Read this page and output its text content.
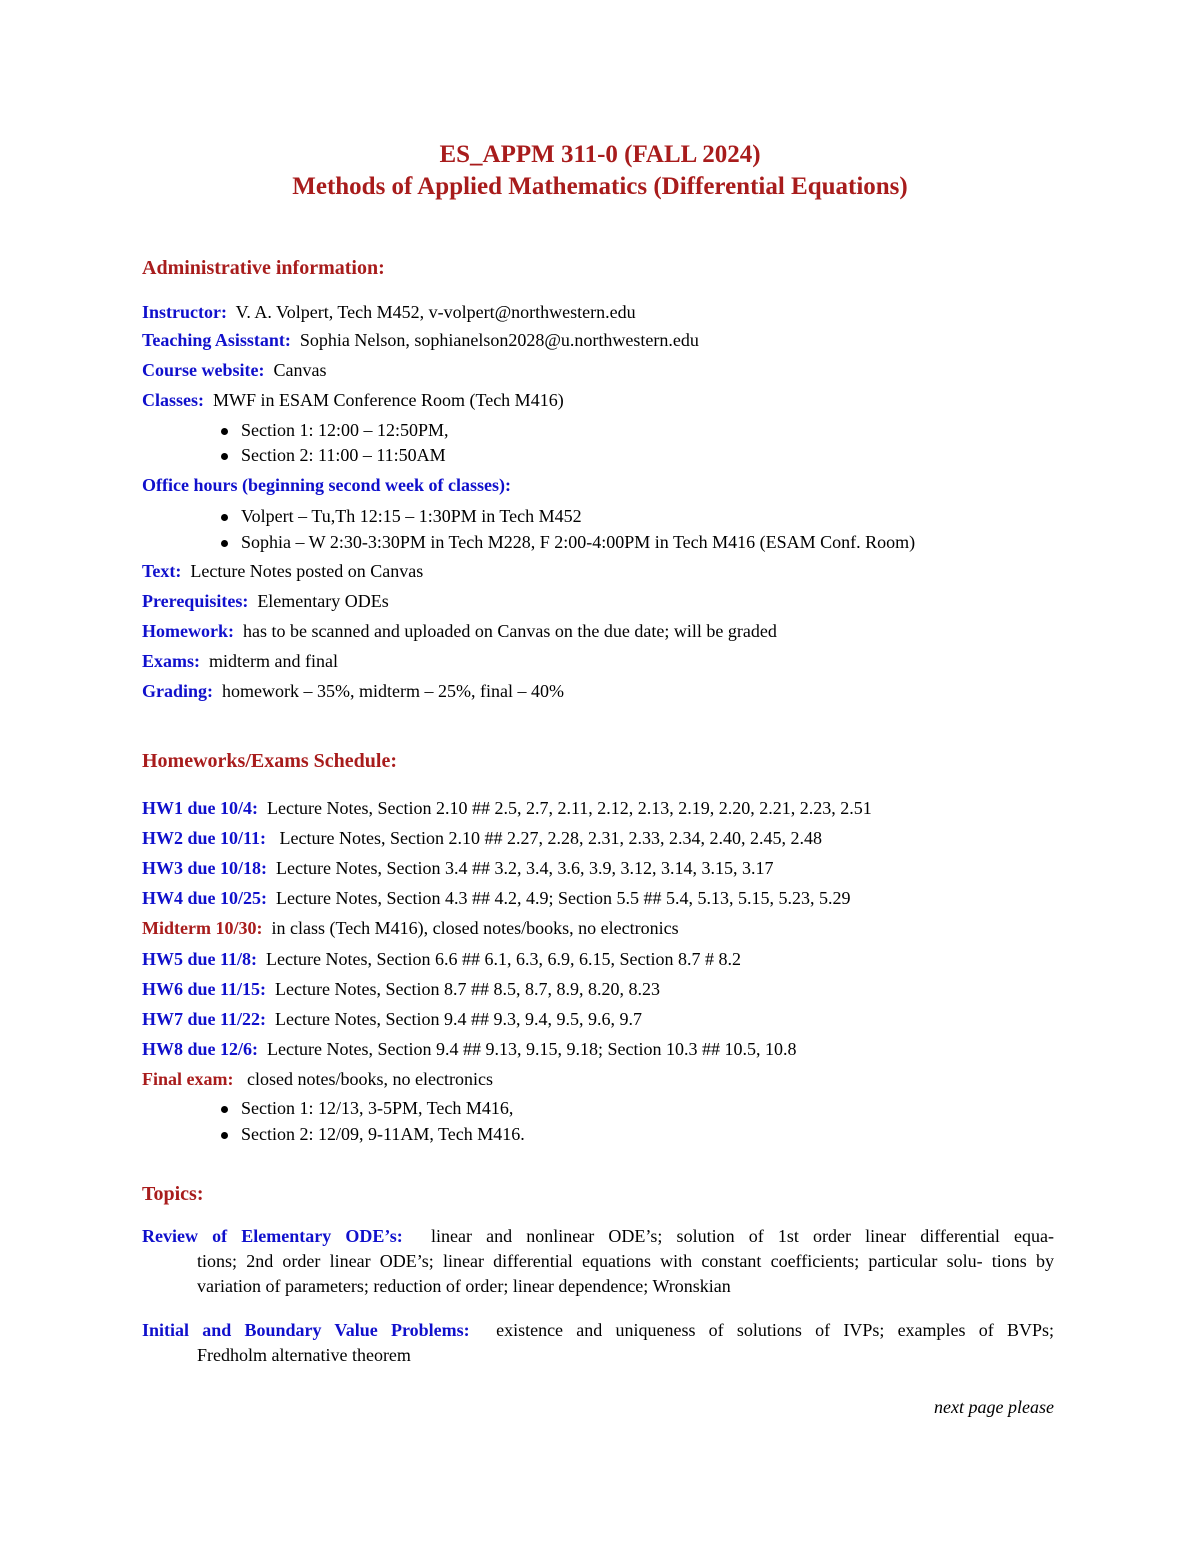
ES_APPM 311-0 (FALL 2024)
Methods of Applied Mathematics (Differential Equations)
Administrative information:
Instructor: V. A. Volpert, Tech M452, v-volpert@northwestern.edu
Teaching Asisstant: Sophia Nelson, sophianelson2028@u.northwestern.edu
Course website: Canvas
Classes: MWF in ESAM Conference Room (Tech M416)
Section 1: 12:00 – 12:50PM,
Section 2: 11:00 – 11:50AM
Office hours (beginning second week of classes):
Volpert – Tu,Th 12:15 – 1:30PM in Tech M452
Sophia – W 2:30-3:30PM in Tech M228, F 2:00-4:00PM in Tech M416 (ESAM Conf. Room)
Text: Lecture Notes posted on Canvas
Prerequisites: Elementary ODEs
Homework: has to be scanned and uploaded on Canvas on the due date; will be graded
Exams: midterm and final
Grading: homework – 35%, midterm – 25%, final – 40%
Homeworks/Exams Schedule:
HW1 due 10/4: Lecture Notes, Section 2.10 ## 2.5, 2.7, 2.11, 2.12, 2.13, 2.19, 2.20, 2.21, 2.23, 2.51
HW2 due 10/11: Lecture Notes, Section 2.10 ## 2.27, 2.28, 2.31, 2.33, 2.34, 2.40, 2.45, 2.48
HW3 due 10/18: Lecture Notes, Section 3.4 ## 3.2, 3.4, 3.6, 3.9, 3.12, 3.14, 3.15, 3.17
HW4 due 10/25: Lecture Notes, Section 4.3 ## 4.2, 4.9; Section 5.5 ## 5.4, 5.13, 5.15, 5.23, 5.29
Midterm 10/30: in class (Tech M416), closed notes/books, no electronics
HW5 due 11/8: Lecture Notes, Section 6.6 ## 6.1, 6.3, 6.9, 6.15, Section 8.7 # 8.2
HW6 due 11/15: Lecture Notes, Section 8.7 ## 8.5, 8.7, 8.9, 8.20, 8.23
HW7 due 11/22: Lecture Notes, Section 9.4 ## 9.3, 9.4, 9.5, 9.6, 9.7
HW8 due 12/6: Lecture Notes, Section 9.4 ## 9.13, 9.15, 9.18; Section 10.3 ## 10.5, 10.8
Final exam: closed notes/books, no electronics
Section 1: 12/13, 3-5PM, Tech M416,
Section 2: 12/09, 9-11AM, Tech M416.
Topics:
Review of Elementary ODE’s: linear and nonlinear ODE’s; solution of 1st order linear differential equa-
tions; 2nd order linear ODE’s; linear differential equations with constant coefficients; particular solu- tions by variation of parameters; reduction of order; linear dependence; Wronskian
Initial and Boundary Value Problems: existence and uniqueness of solutions of IVPs; examples of BVPs;
Fredholm alternative theorem
next page please
